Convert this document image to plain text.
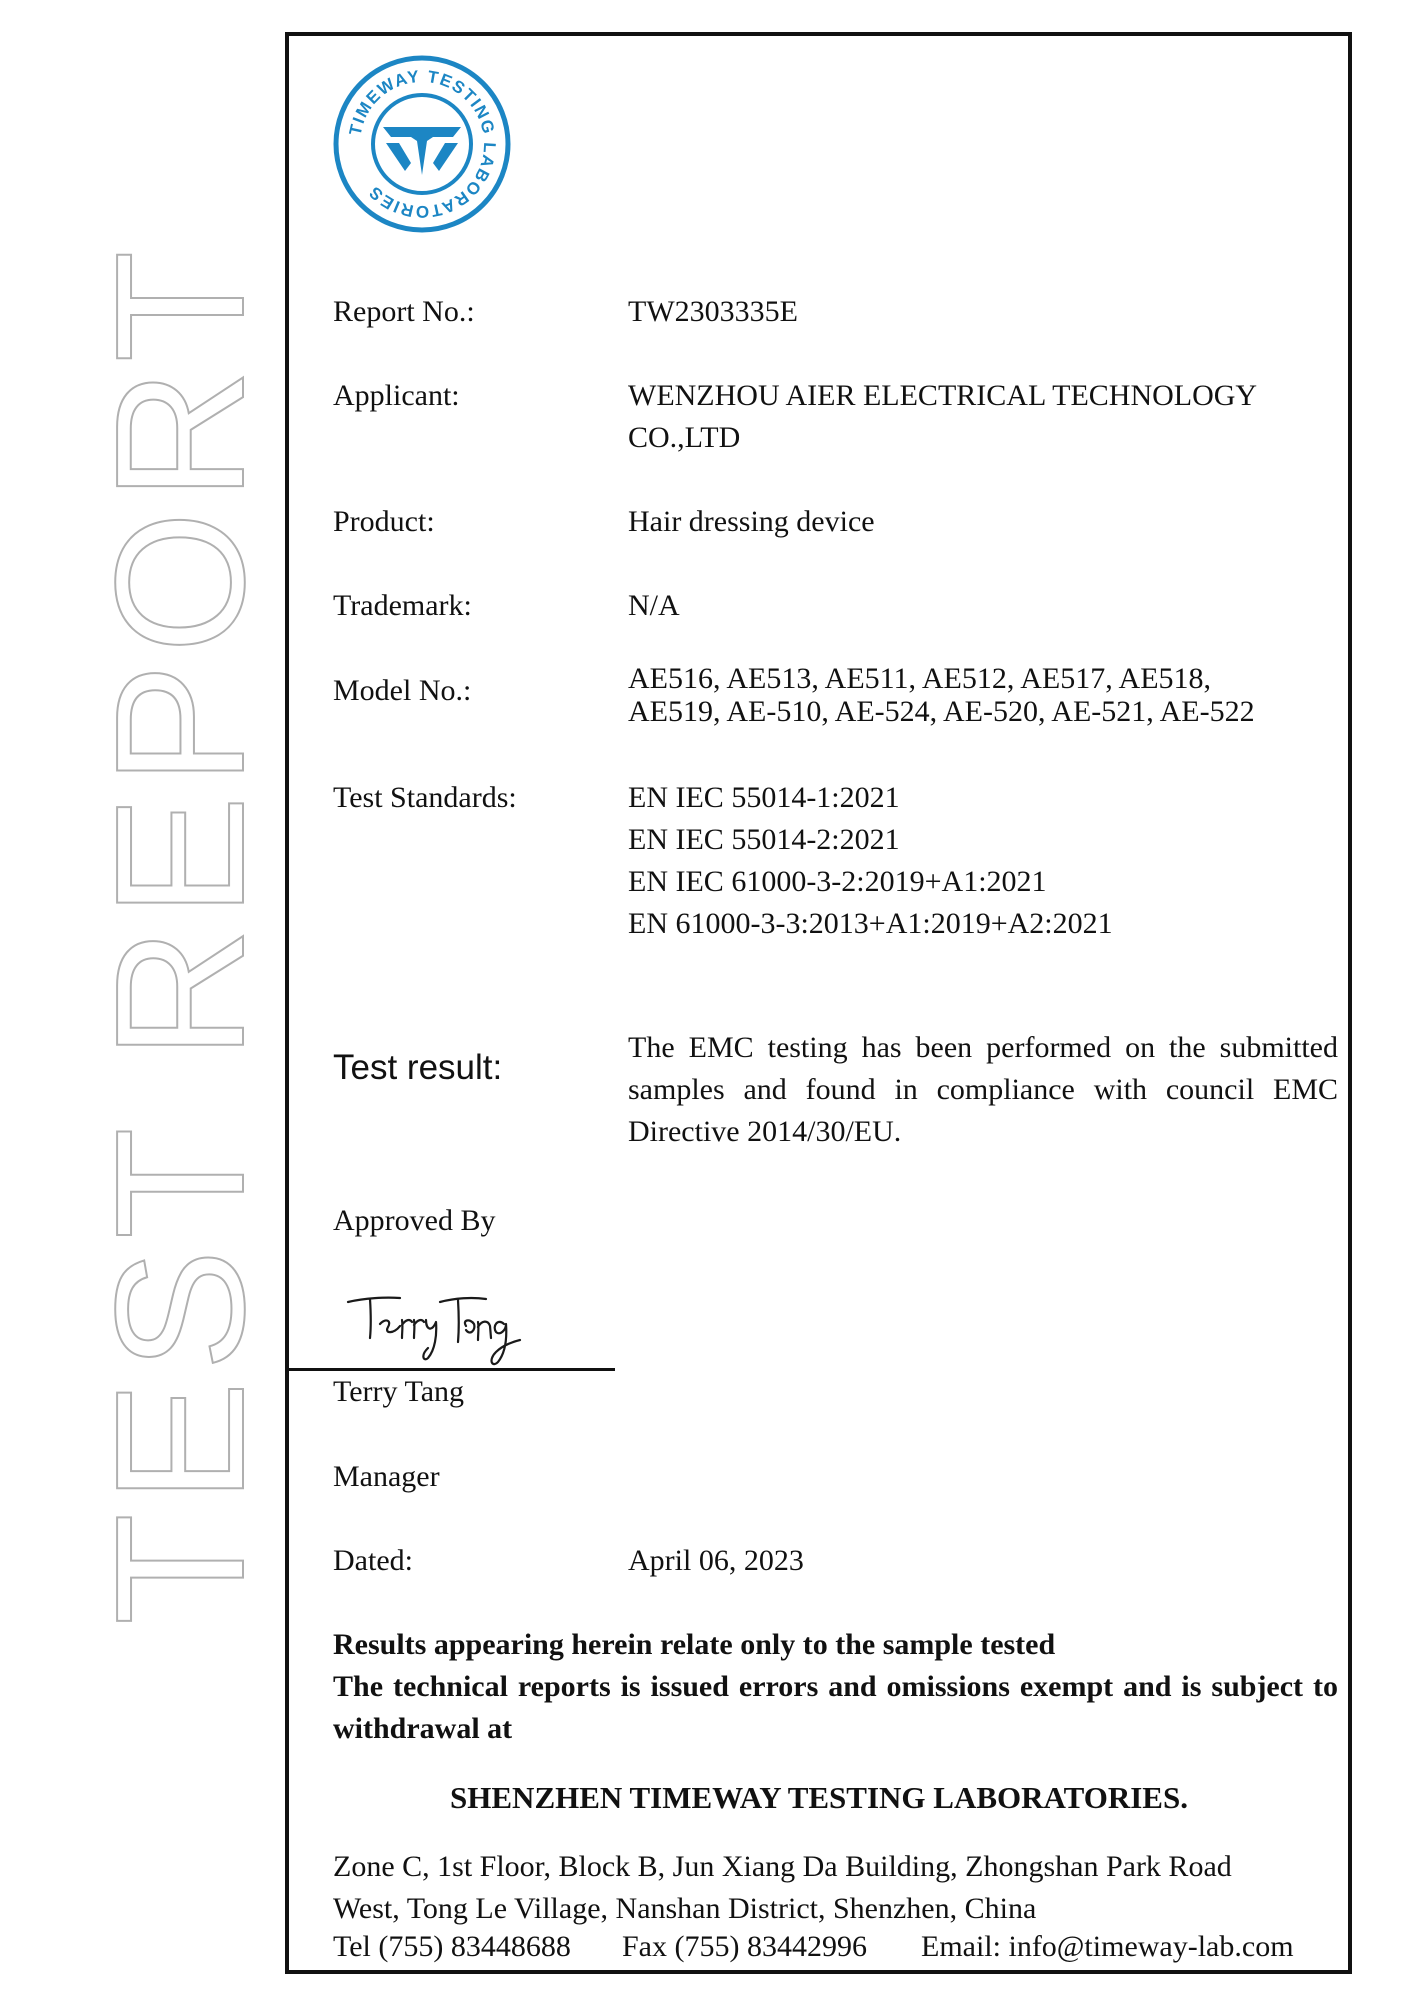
TEST REPORT
TIMEWAY TESTING LABORATORIES
Report No.:	TW2303335E
Applicant:	WENZHOU AIER ELECTRICAL TECHNOLOGY
CO.,LTD
Product:	Hair dressing device
Trademark:	N/A
Model No.:	AE516, AE513, AE511, AE512, AE517, AE518,
AE519, AE-510, AE-524, AE-520, AE-521, AE-522
Test Standards:	EN IEC 55014-1:2021
EN IEC 55014-2:2021
EN IEC 61000-3-2:2019+A1:2021
EN 61000-3-3:2013+A1:2019+A2:2021
Test result:
The EMC testing has been performed on the submitted samples and found in compliance with council EMC Directive 2014/30/EU.
Approved By
Terry Tang
Manager
Dated:	April 06, 2023
Results appearing herein relate only to the sample tested
The technical reports is issued errors and omissions exempt and is subject to withdrawal at
SHENZHEN TIMEWAY TESTING LABORATORIES.
Zone C, 1st Floor, Block B, Jun Xiang Da Building, Zhongshan Park Road
West, Tong Le Village, Nanshan District, Shenzhen, China
Tel (755) 83448688 Fax (755) 83442996 Email: info@timeway-lab.com
